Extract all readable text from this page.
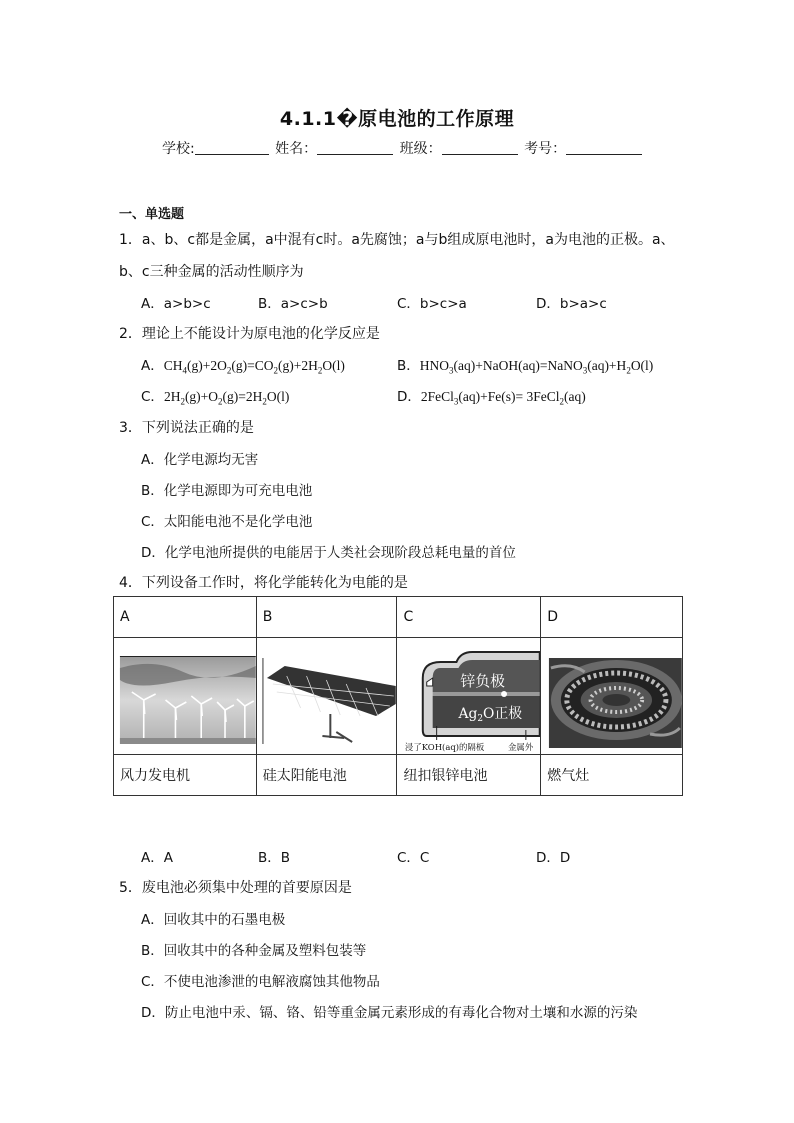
4.1.1�原电池的工作原理
学校:	姓名：	班级：	考号：
一、单选题
1．a、b、c都是金属，a中混有c时。a先腐蚀；a与b组成原电池时，a为电池的正极。a、
b、c三种金属的活动性顺序为
A．a>b>c	B．a>c>b	C．b>c>a	D．b>a>c
2．理论上不能设计为原电池的化学反应是
A．$CH_4(g)+2O_2(g)=CO_2(g)+2H_2O(l)$	B．$HNO_3(aq)+NaOH(aq)=NaNO_3(aq)+H_2O(l)$
C．$2H_2(g)+O_2(g)=2H_2O(l)$	D．2FeCl$_3$(aq)+Fe(s)= 3FeCl$_2$(aq)
3．下列说法正确的是
A．化学电源均无害
B．化学电源即为可充电电池
C．太阳能电池不是化学电池
D．化学电池所提供的电能居于人类社会现阶段总耗电量的首位
4．下列设备工作时，将化学能转化为电能的是
A	B	C	D

锌负极
$Ag_2O$正极
浸了KOH(aq)的隔板 金属外

风力发电机	硅太阳能电池	纽扣银锌电池	燃气灶
A．A	B．B	C．C	D．D
5．废电池必须集中处理的首要原因是
A．回收其中的石墨电极
B．回收其中的各种金属及塑料包装等
C．不使电池渗泄的电解液腐蚀其他物品
D．防止电池中汞、镉、铬、铅等重金属元素形成的有毒化合物对土壤和水源的污染
